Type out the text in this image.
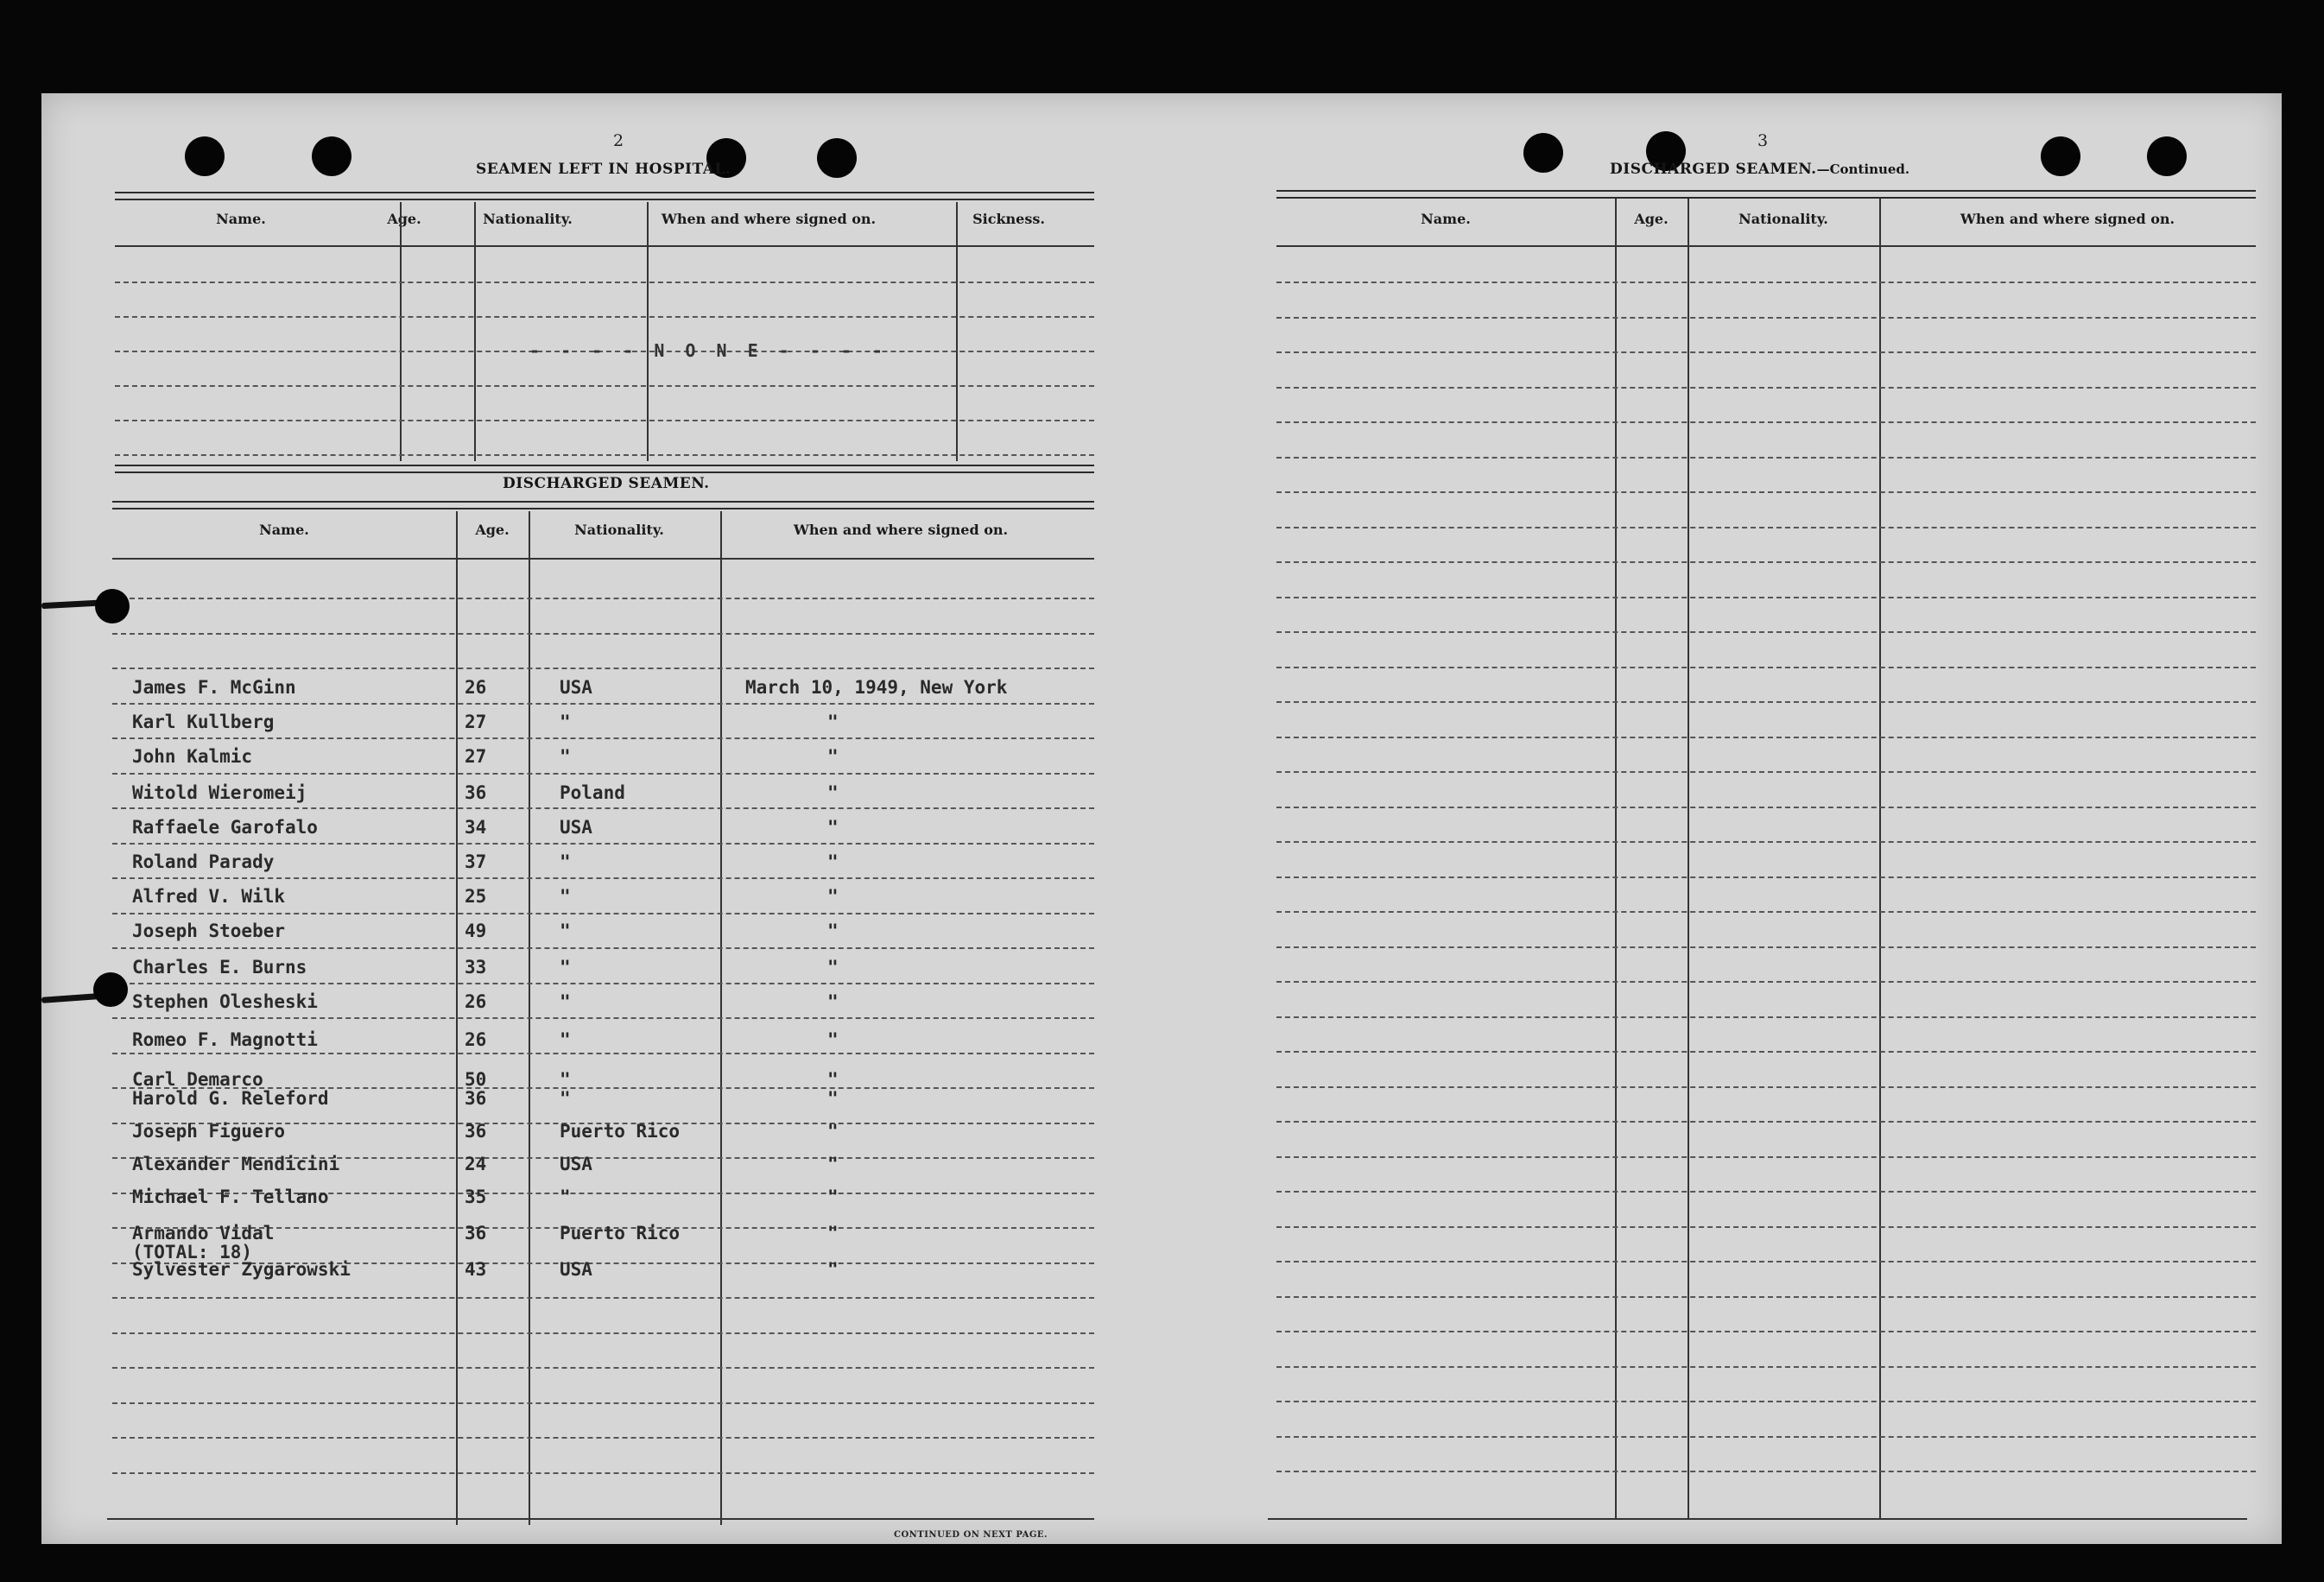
2
SEAMEN LEFT IN HOSPITAL.
Name.	Age.	Nationality.	When and where signed on.	Sickness.
- - - - N O N E - - - -
DISCHARGED SEAMEN.
Name.	Age.	Nationality.	When and where signed on.
James F. McGinn	26	USA	March 10, 1949, New York
Karl Kullberg	27	"	"
John Kalmic	27	"	"
Witold Wieromeij	36	Poland	"
Raffaele Garofalo	34	USA	"
Roland Parady	37	"	"
Alfred V. Wilk	25	"	"
Joseph Stoeber	49	"	"
Charles E. Burns	33	"	"
Stephen Olesheski	26	"	"
Romeo F. Magnotti	26	"	"
Carl Demarco	50	"	"
Harold G. Releford	36	"	"
Joseph Figuero	36	Puerto Rico	"
Alexander Mendicini	24	USA	"
Michael F. Tellano	35	"	"
Armando Vidal	36	Puerto Rico	"
Sylvester Zygarowski	43	USA	"
(TOTAL: 18)
CONTINUED ON NEXT PAGE.
3
DISCHARGED SEAMEN.—Continued.
Name.	Age.	Nationality.	When and where signed on.
